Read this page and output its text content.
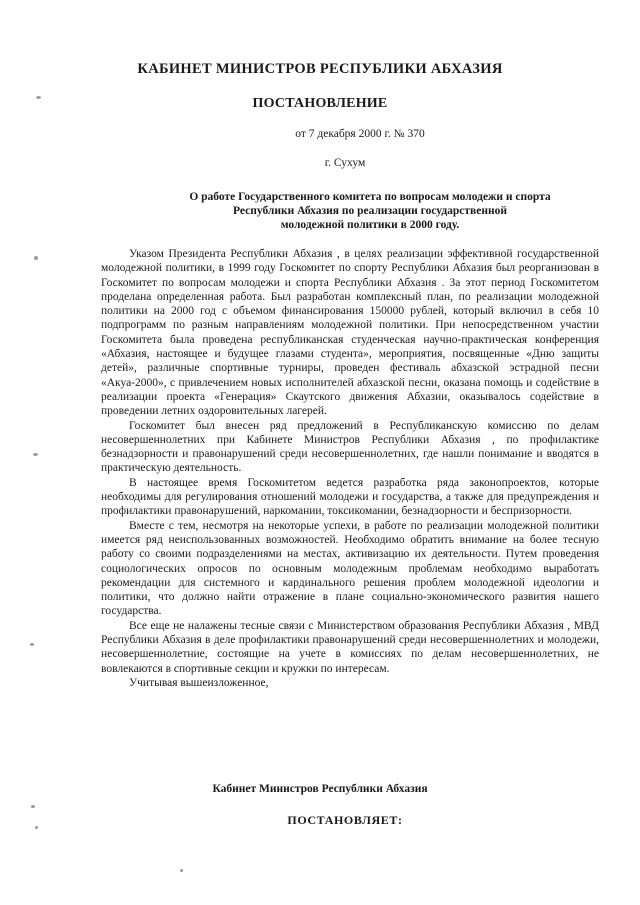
КАБИНЕТ МИНИСТРОВ РЕСПУБЛИКИ АБХАЗИЯ
ПОСТАНОВЛЕНИЕ
от 7 декабря 2000 г. № 370
г. Сухум
О работе Государственного комитета по вопросам молодежи и спорта
Республики Абхазия по реализации государственной
молодежной политики в 2000 году.

Указом Президента Республики Абхазия , в целях реализации эффективной государственной молодежной политики, в 1999 году Госкомитет по спорту Республики Абхазия был реорганизован в Госкомитет по вопросам молодежи и спорта Республики Абхазия . За этот период Госкомитетом проделана определенная работа. Был разработан комплексный план, по реализации молодежной политики на 2000 год с объемом финансирования 150000 рублей, который включил в себя 10 подпрограмм по разным направлениям молодежной политики. При непосредственном участии Госкомитета была проведена республиканская студенческая научно-практическая конференция «Абхазия, настоящее и будущее глазами студента», мероприятия, посвященные «Дню защиты детей», различные спортивные турниры, проведен фестиваль абхазской эстрадной песни «Акуа-2000», с привлечением новых исполнителей абхазской песни, оказана помощь и содействие в реализации проекта «Генерация» Скаутского движения Абхазии, оказывалось содействие в проведении летних оздоровительных лагерей.

Госкомитет был внесен ряд предложений в Республиканскую комиссию по делам несовершеннолетних при Кабинете Министров Республики Абхазия , по профилактике безнадзорности и правонарушений среди несовершеннолетних, где нашли понимание и вводятся в практическую деятельность.

В настоящее время Госкомитетом ведется разработка ряда законопроектов, которые необходимы для регулирования отношений молодежи и государства, а также для предупреждения и профилактики правонарушений, наркомании, токсикомании, безнадзорности и беспризорности.

Вместе с тем, несмотря на некоторые успехи, в работе по реализации молодежной политики имеется ряд неиспользованных возможностей. Необходимо обратить внимание на более тесную работу со своими подразделениями на местах, активизацию их деятельности. Путем проведения социологических опросов по основным молодежным проблемам необходимо выработать рекомендации для системного и кардинального решения проблем молодежной идеологии и политики, что должно найти отражение в плане социально-экономического развития нашего государства.

Все еще не налажены тесные связи с Министерством образования Республики Абхазия , МВД Республики Абхазия в деле профилактики правонарушений среди несовершеннолетних и молодежи, несовершеннолетние, состоящие на учете в комиссиях по делам несовершеннолетних, не вовлекаются в спортивные секции и кружки по интересам.

Учитывая вышеизложенное,

Кабинет Министров Республики Абхазия
ПОСТАНОВЛЯЕТ:
